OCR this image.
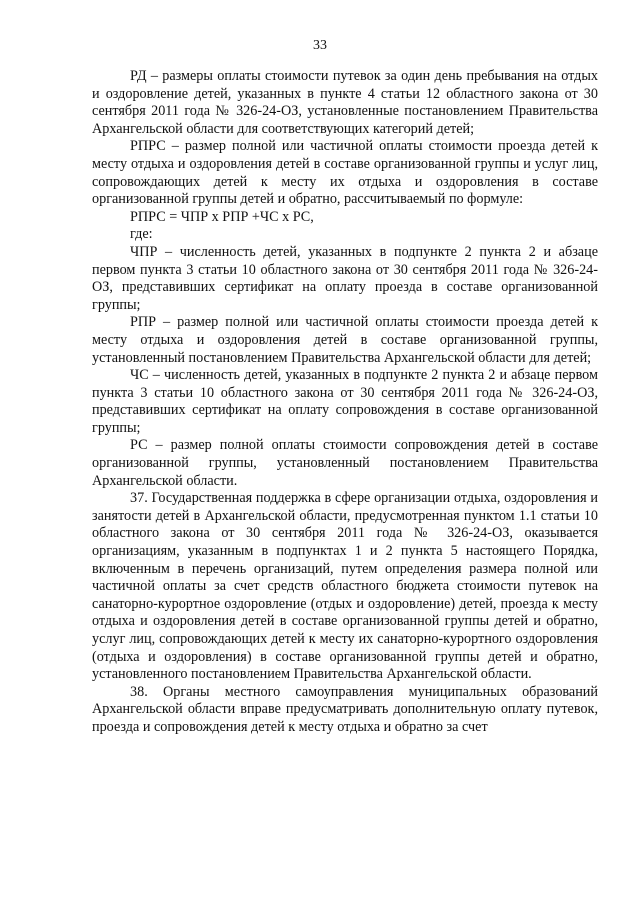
33

РД – размеры оплаты стоимости путевок за один день пребывания на отдых и оздоровление детей, указанных в пункте 4 статьи 12 областного закона от 30 сентября 2011 года № 326-24-ОЗ, установленные постановлением Правительства Архангельской области для соответствующих категорий детей;

РПРС – размер полной или частичной оплаты стоимости проезда детей к месту отдыха и оздоровления детей в составе организованной группы и услуг лиц, сопровождающих детей к месту их отдыха и оздоровления в составе организованной группы детей и обратно, рассчитываемый по формуле:

РПРС = ЧПР х РПР +ЧС х РС,

где:

ЧПР – численность детей, указанных в подпункте 2 пункта 2 и абзаце первом пункта 3 статьи 10 областного закона от 30 сентября 2011 года № 326-24-ОЗ, представивших сертификат на оплату проезда в составе организованной группы;

РПР – размер полной или частичной оплаты стоимости проезда детей к месту отдыха и оздоровления детей в составе организованной группы, установленный постановлением Правительства Архангельской области для детей;

ЧС – численность детей, указанных в подпункте 2 пункта 2 и абзаце первом пункта 3 статьи 10 областного закона от 30 сентября 2011 года № 326-24-ОЗ, представивших сертификат на оплату сопровождения в составе организованной группы;

РС – размер полной оплаты стоимости сопровождения детей в составе организованной группы, установленный постановлением Правительства Архангельской области.

37. Государственная поддержка в сфере организации отдыха, оздоровления и занятости детей в Архангельской области, предусмотренная пунктом 1.1 статьи 10 областного закона от 30 сентября 2011 года № 326-24-ОЗ, оказывается организациям, указанным в подпунктах 1 и 2 пункта 5 настоящего Порядка, включенным в перечень организаций, путем определения размера полной или частичной оплаты за счет средств областного бюджета стоимости путевок на санаторно-курортное оздоровление (отдых и оздоровление) детей, проезда к месту отдыха и оздоровления детей в составе организованной группы детей и обратно, услуг лиц, сопровождающих детей к месту их санаторно-курортного оздоровления (отдыха и оздоровления) в составе организованной группы детей и обратно, установленного постановлением Правительства Архангельской области.

38. Органы местного самоуправления муниципальных образований Архангельской области вправе предусматривать дополнительную оплату путевок, проезда и сопровождения детей к месту отдыха и обратно за счет
